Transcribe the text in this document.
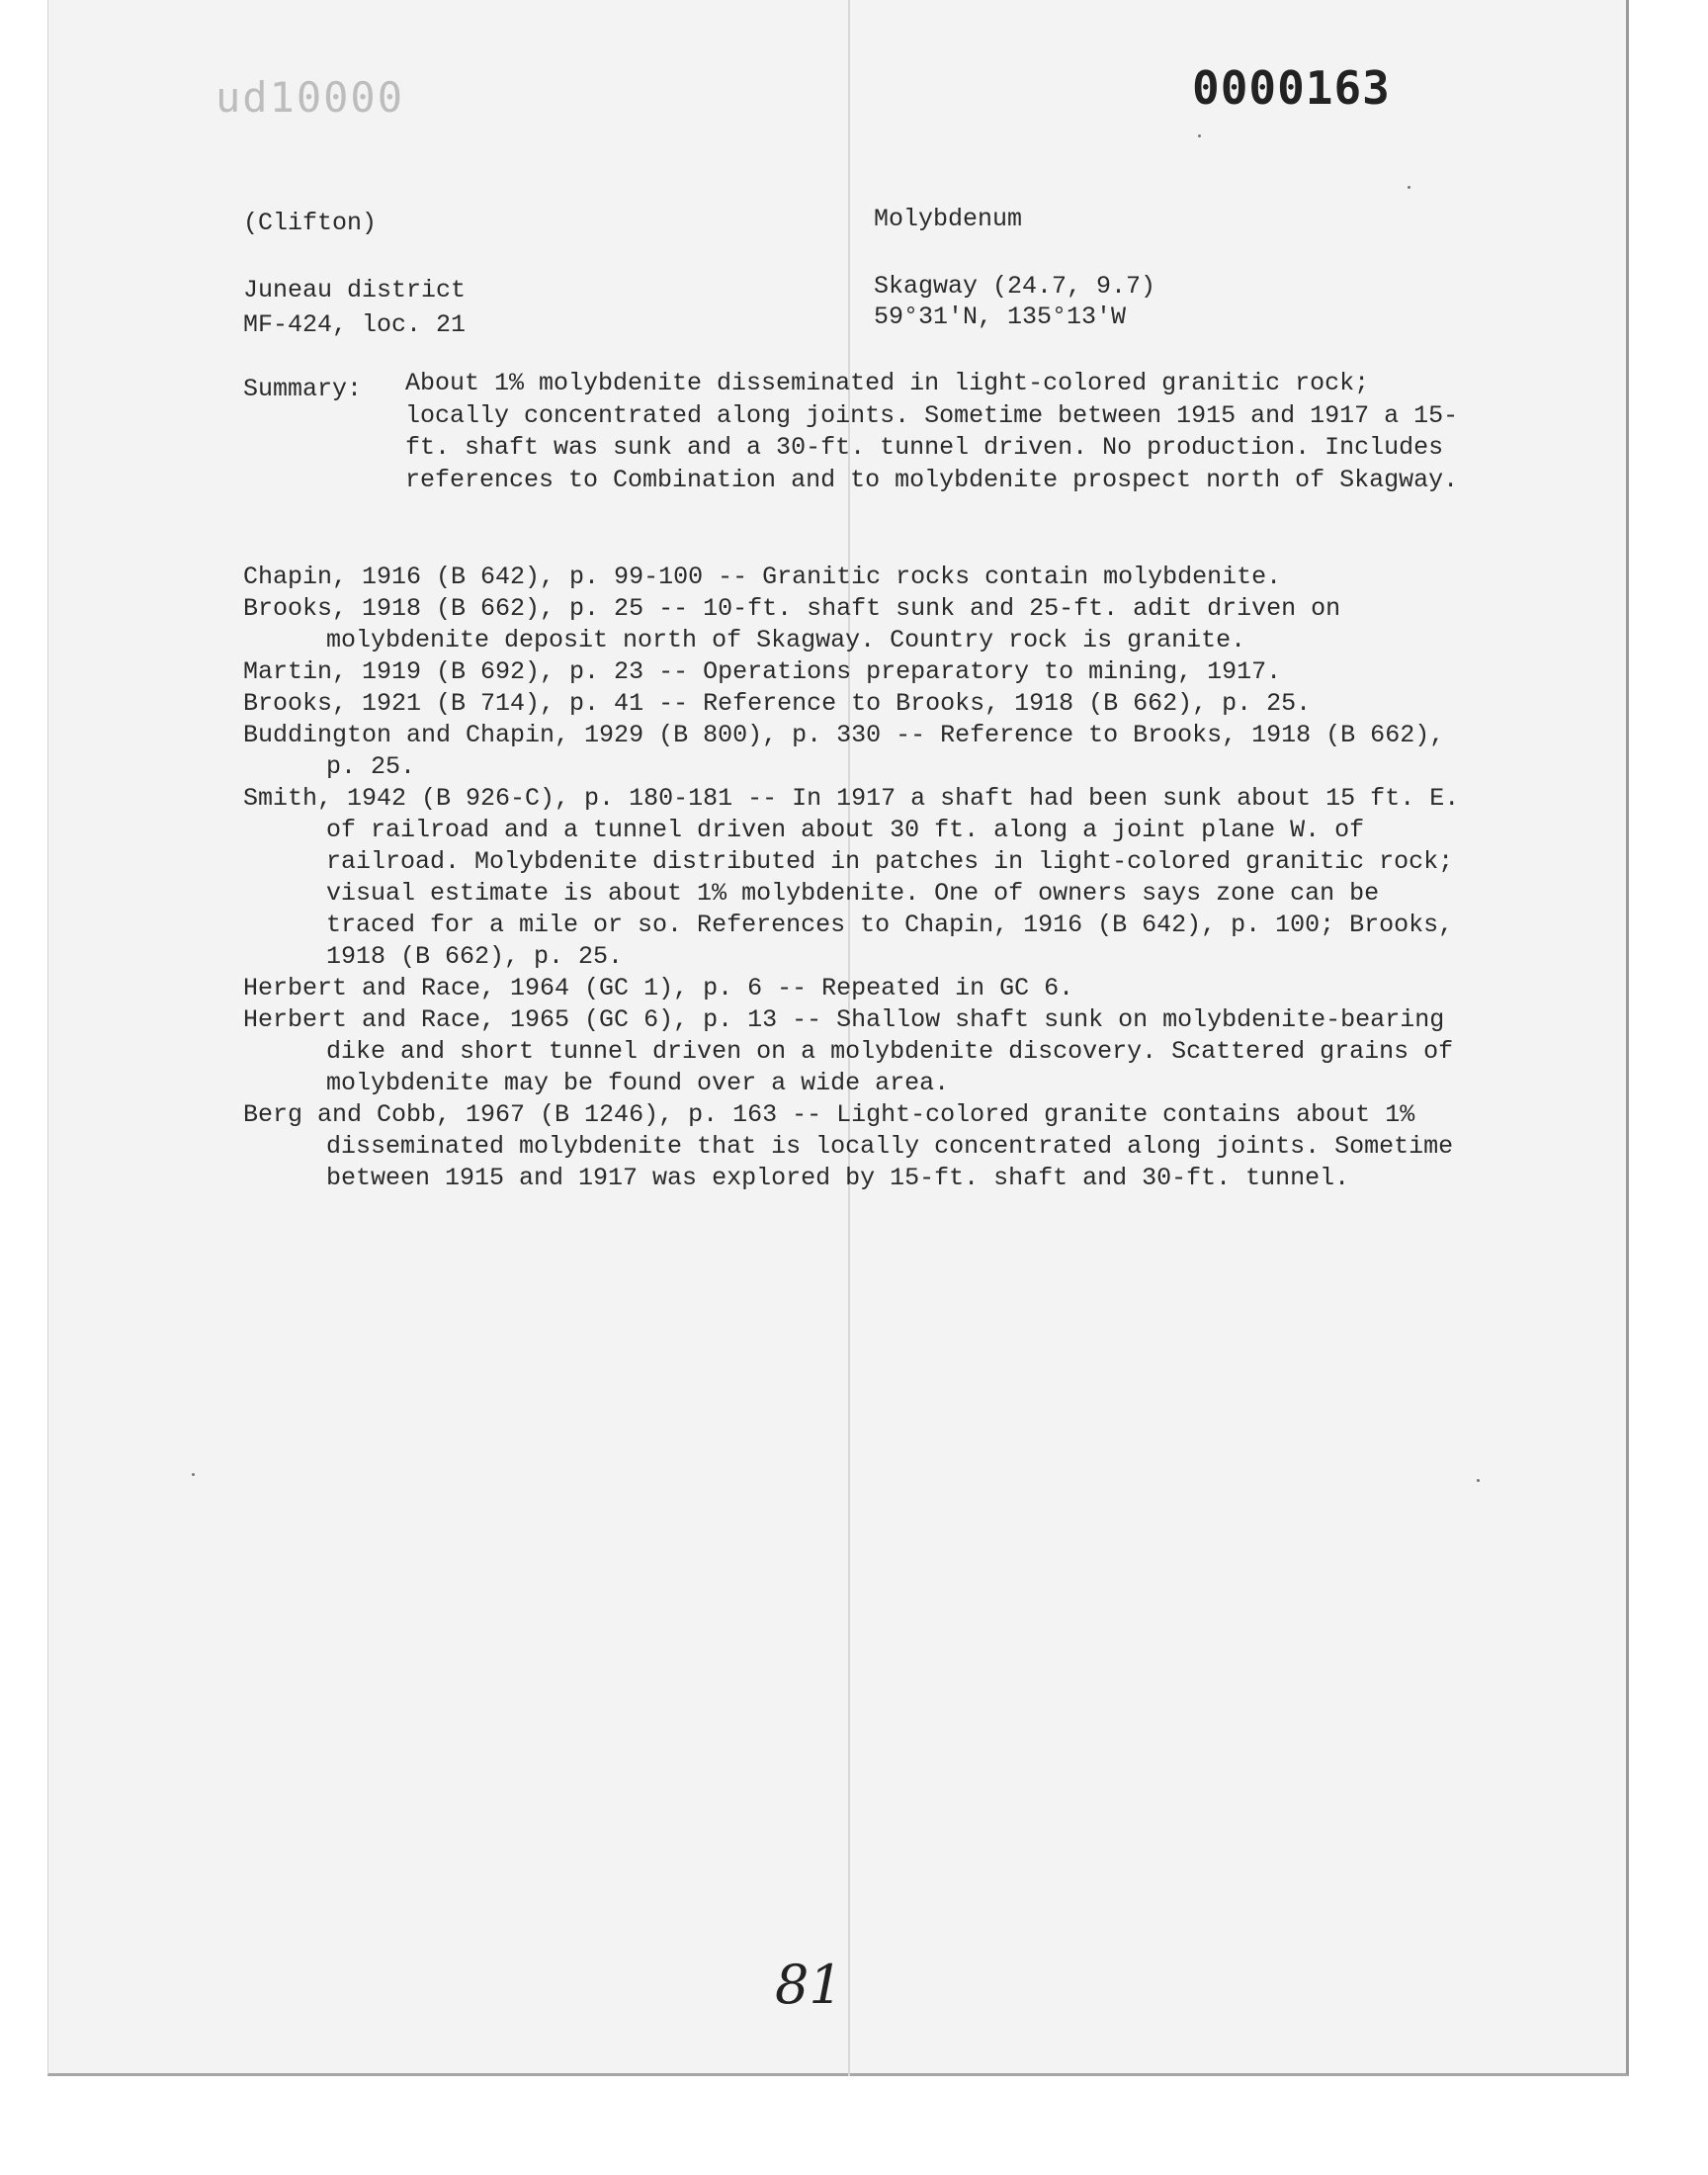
ud10000	0000163
(Clifton)	Molybdenum
Juneau district
MF-424, loc. 21
Skagway (24.7, 9.7)
59°31'N, 135°13'W
Summary: About 1% molybdenite disseminated in light-colored granitic rock; locally concentrated along joints. Sometime between 1915 and 1917 a 15-ft. shaft was sunk and a 30-ft. tunnel driven. No production. Includes references to Combination and to molybdenite prospect north of Skagway.

Chapin, 1916 (B 642), p. 99-100 -- Granitic rocks contain molybdenite.

Brooks, 1918 (B 662), p. 25 -- 10-ft. shaft sunk and 25-ft. adit driven on molybdenite deposit north of Skagway. Country rock is granite.

Martin, 1919 (B 692), p. 23 -- Operations preparatory to mining, 1917.

Brooks, 1921 (B 714), p. 41 -- Reference to Brooks, 1918 (B 662), p. 25.

Buddington and Chapin, 1929 (B 800), p. 330 -- Reference to Brooks, 1918 (B 662), p. 25.

Smith, 1942 (B 926-C), p. 180-181 -- In 1917 a shaft had been sunk about 15 ft. E. of railroad and a tunnel driven about 30 ft. along a joint plane W. of railroad. Molybdenite distributed in patches in light-colored granitic rock; visual estimate is about 1% molybdenite. One of owners says zone can be traced for a mile or so. References to Chapin, 1916 (B 642), p. 100; Brooks, 1918 (B 662), p. 25.

Herbert and Race, 1964 (GC 1), p. 6 -- Repeated in GC 6.

Herbert and Race, 1965 (GC 6), p. 13 -- Shallow shaft sunk on molybdenite-bearing dike and short tunnel driven on a molybdenite discovery. Scattered grains of molybdenite may be found over a wide area.

Berg and Cobb, 1967 (B 1246), p. 163 -- Light-colored granite contains about 1% disseminated molybdenite that is locally concentrated along joints. Sometime between 1915 and 1917 was explored by 15-ft. shaft and 30-ft. tunnel.

81
